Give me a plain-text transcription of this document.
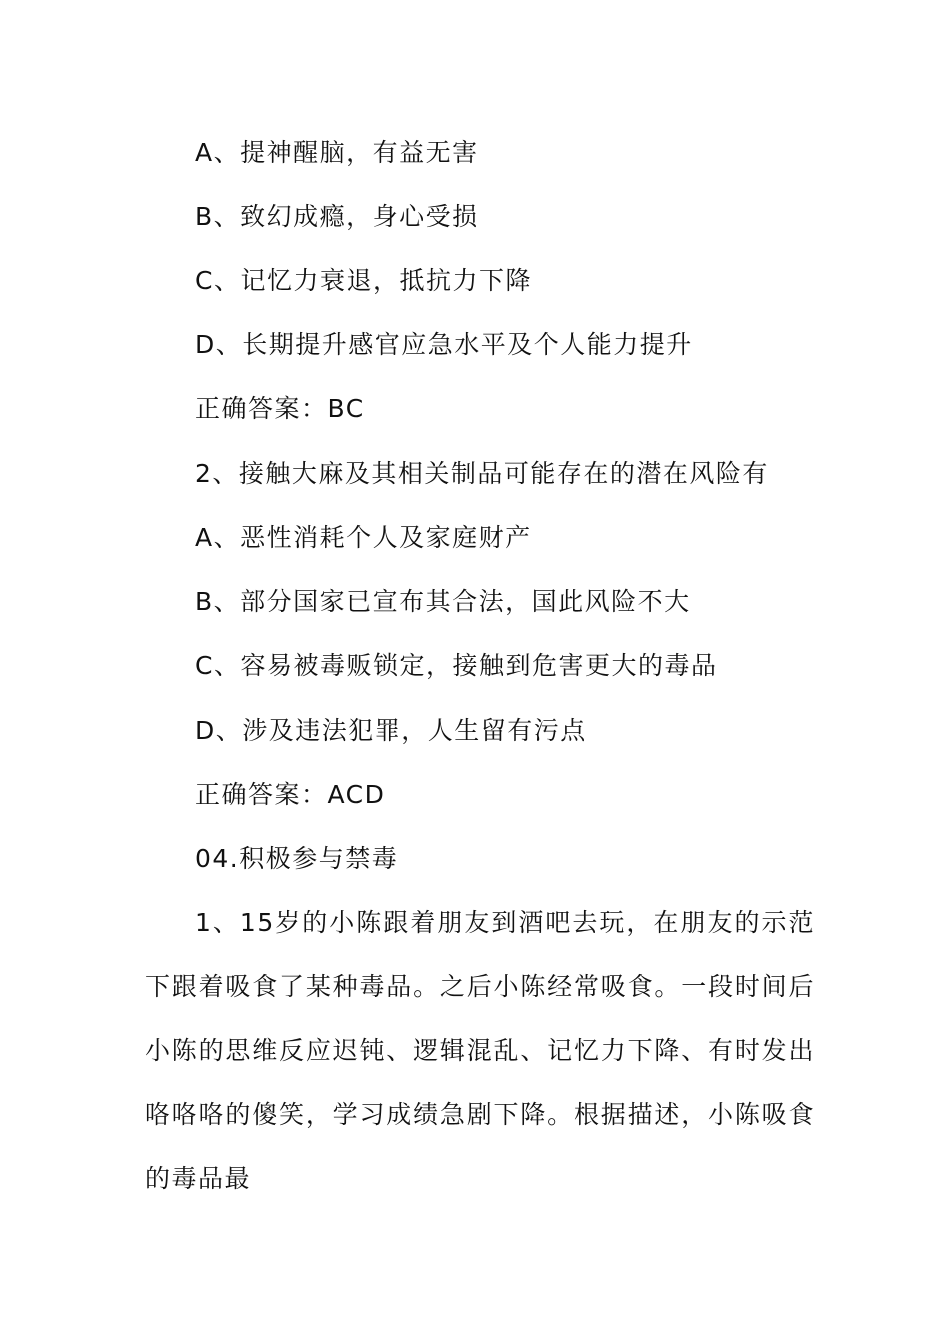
A、提神醒脑，有益无害
B、致幻成瘾，身心受损
C、记忆力衰退，抵抗力下降
D、长期提升感官应急水平及个人能力提升
正确答案：BC
2、接触大麻及其相关制品可能存在的潜在风险有
A、恶性消耗个人及家庭财产
B、部分国家已宣布其合法，国此风险不大
C、容易被毒贩锁定，接触到危害更大的毒品
D、涉及违法犯罪，人生留有污点
正确答案：ACD
04.积极参与禁毒

1、15岁的小陈跟着朋友到酒吧去玩，在朋友的示范下跟着吸食了某种毒品。之后小陈经常吸食。一段时间后小陈的思维反应迟钝、逻辑混乱、记忆力下降、有时发出咯咯咯的傻笑，学习成绩急剧下降。根据描述，小陈吸食的毒品最
